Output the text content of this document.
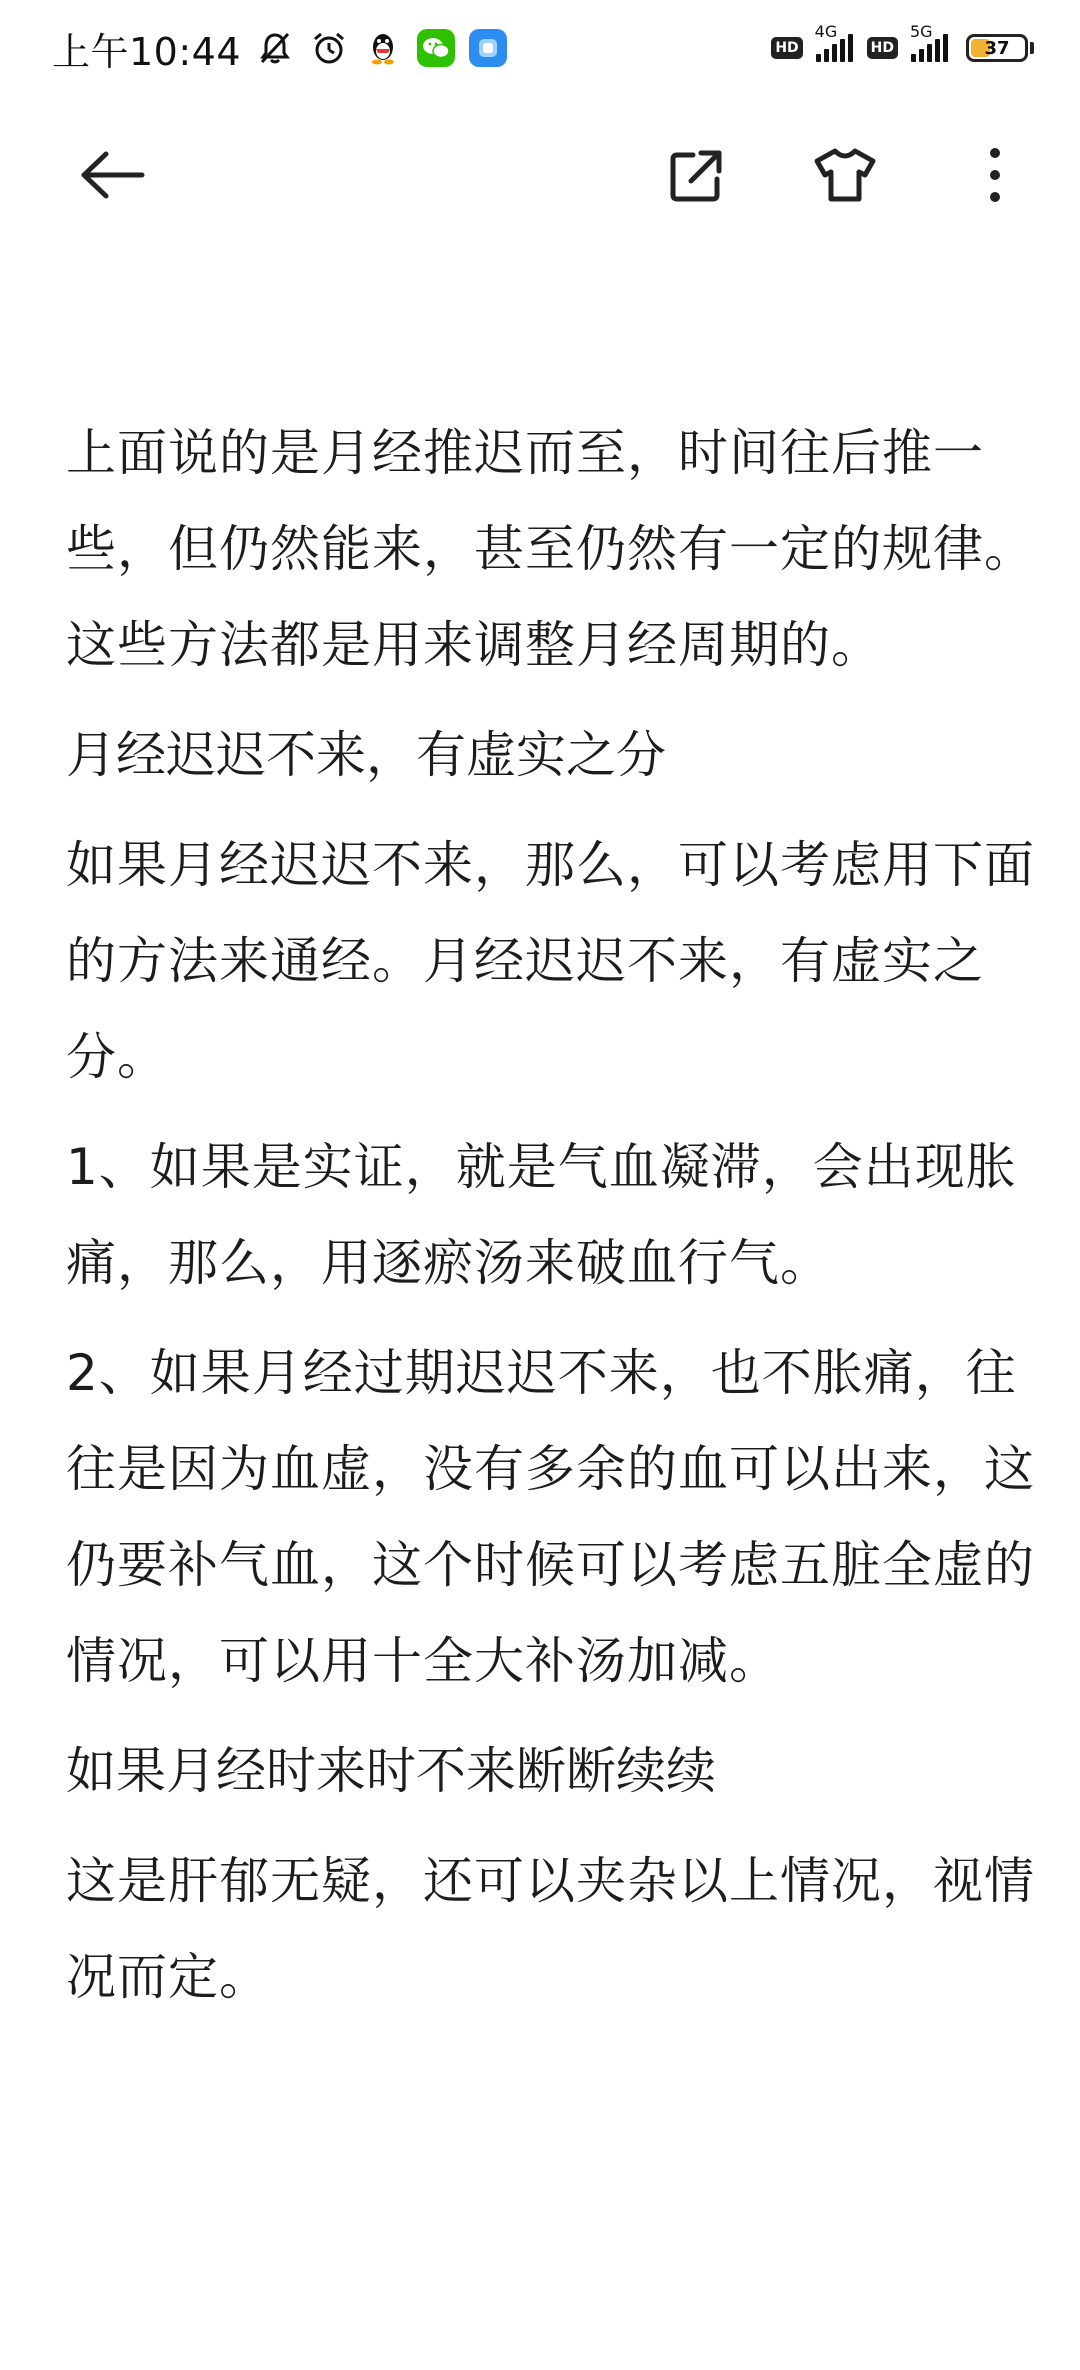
上午10:44	HD
4G
HD
5G
37

上面说的是月经推迟而至，时间往后推一些，但仍然能来，甚至仍然有一定的规律。这些方法都是用来调整月经周期的。

月经迟迟不来，有虚实之分

如果月经迟迟不来，那么，可以考虑用下面的方法来通经。月经迟迟不来，有虚实之分。

1、如果是实证，就是气血凝滞，会出现胀痛，那么，用逐瘀汤来破血行气。

2、如果月经过期迟迟不来，也不胀痛，往往是因为血虚，没有多余的血可以出来，这仍要补气血，这个时候可以考虑五脏全虚的情况，可以用十全大补汤加减。

如果月经时来时不来断断续续

这是肝郁无疑，还可以夹杂以上情况，视情况而定。
